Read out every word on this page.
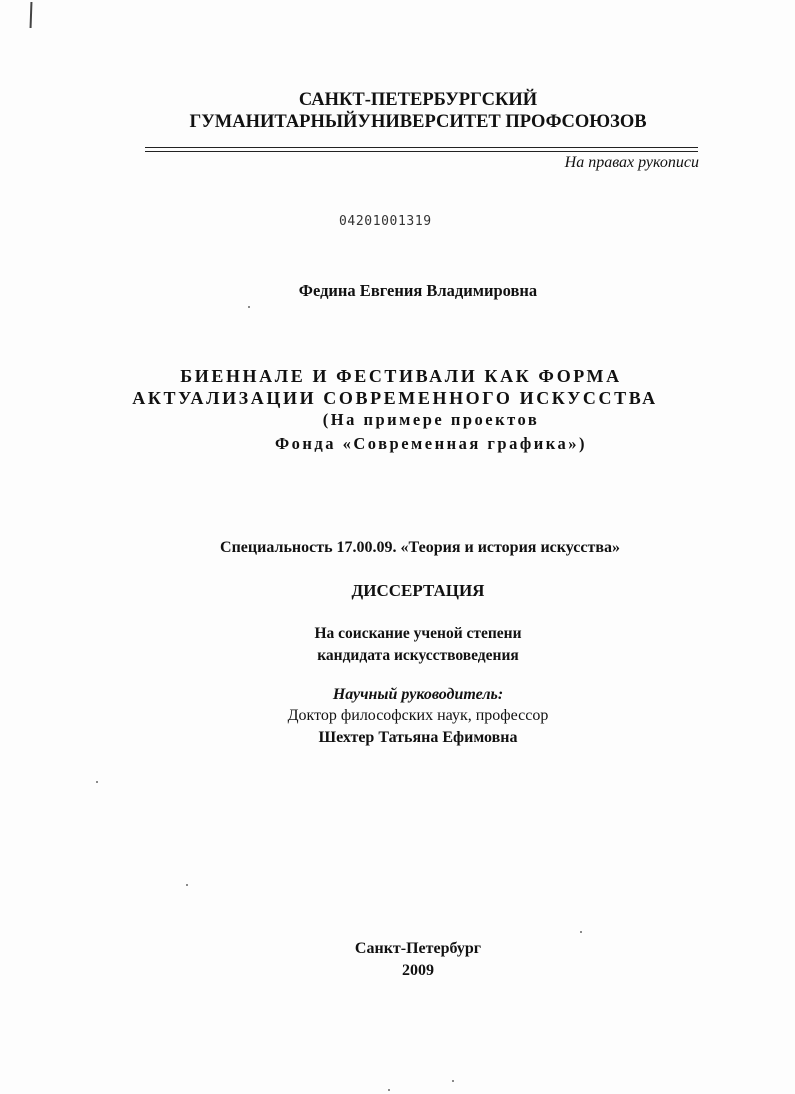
САНКТ-ПЕТЕРБУРГСКИЙ
ГУМАНИТАРНЫЙУНИВЕРСИТЕТ ПРОФСОЮЗОВ
На правах рукописи
04201001319
Федина Евгения Владимировна
БИЕННАЛЕ И ФЕСТИВАЛИ КАК ФОРМА
АКТУАЛИЗАЦИИ СОВРЕМЕННОГО ИСКУССТВА
(На примере проектов
Фонда «Современная графика»)
Специальность 17.00.09. «Теория и история искусства»
ДИССЕРТАЦИЯ
На соискание ученой степени
кандидата искусствоведения
Научный руководитель:
Доктор философских наук, профессор
Шехтер Татьяна Ефимовна
Санкт-Петербург
2009
